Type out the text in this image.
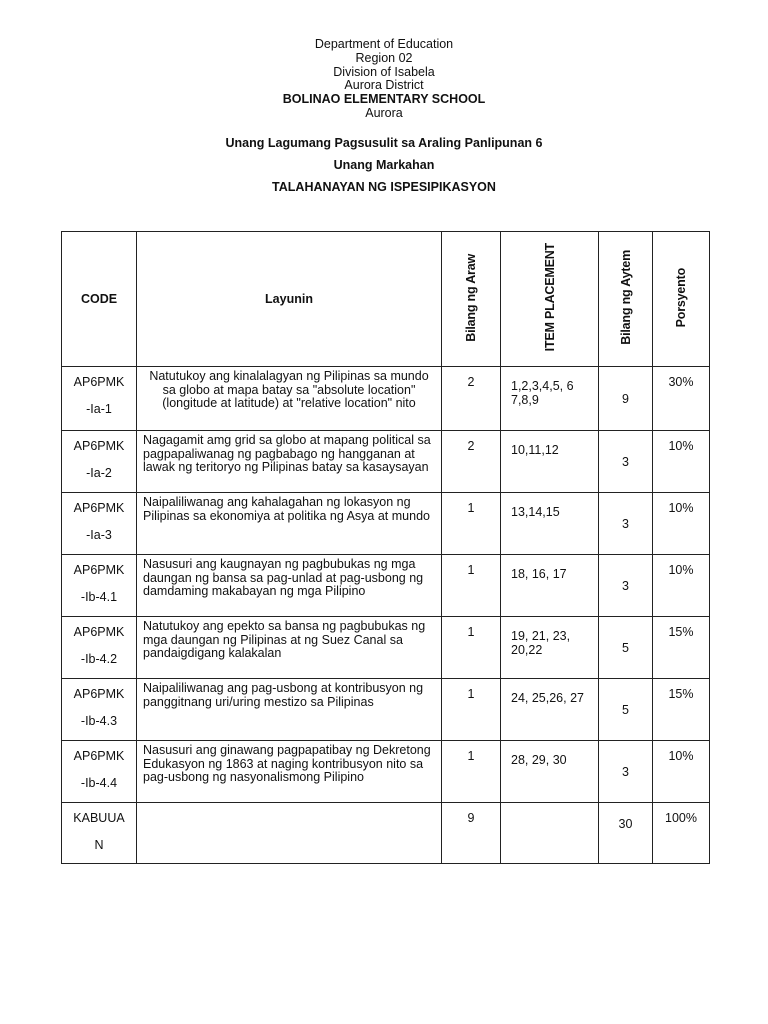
Department of Education
Region 02
Division of Isabela
Aurora District
BOLINAO ELEMENTARY SCHOOL
Aurora
Unang Lagumang Pagsusulit sa Araling Panlipunan 6
Unang Markahan
TALAHANAYAN NG ISPESIPIKASYON
CODE	Layunin	Bilang ng Araw	ITEM PLACEMENT	Bilang ng Aytem	Porsyento
AP6PMK
-Ia-1	Natutukoy ang kinalalagyan ng Pilipinas sa mundo sa globo at mapa batay sa "absolute location" (longitude at latitude) at "relative location" nito	2	1,2,3,4,5, 6 7,8,9	9	30%
AP6PMK
-Ia-2	Nagagamit amg grid sa globo at mapang political sa pagpapaliwanag ng pagbabago ng hangganan at lawak ng teritoryo ng Pilipinas batay sa kasaysayan	2	10,11,12	3	10%
AP6PMK
-Ia-3	Naipaliliwanag ang kahalagahan ng lokasyon ng Pilipinas sa ekonomiya at politika ng Asya at mundo	1	13,14,15	3	10%
AP6PMK
-Ib-4.1	Nasusuri ang kaugnayan ng pagbubukas ng mga daungan ng bansa sa pag-unlad at pag-usbong ng damdaming makabayan ng mga Pilipino	1	18, 16, 17	3	10%
AP6PMK
-Ib-4.2	Natutukoy ang epekto sa bansa ng pagbubukas ng mga daungan ng Pilipinas at ng Suez Canal sa pandaigdigang kalakalan	1	19, 21, 23, 20,22	5	15%
AP6PMK
-Ib-4.3	Naipaliliwanag ang pag-usbong at kontribusyon ng panggitnang uri/uring mestizo sa Pilipinas	1	24, 25,26, 27	5	15%
AP6PMK
-Ib-4.4	Nasusuri ang ginawang pagpapatibay ng Dekretong Edukasyon ng 1863 at naging kontribusyon nito sa pag-usbong ng nasyonalismong Pilipino	1	28, 29, 30	3	10%
KABUUA
N		9		30	100%
